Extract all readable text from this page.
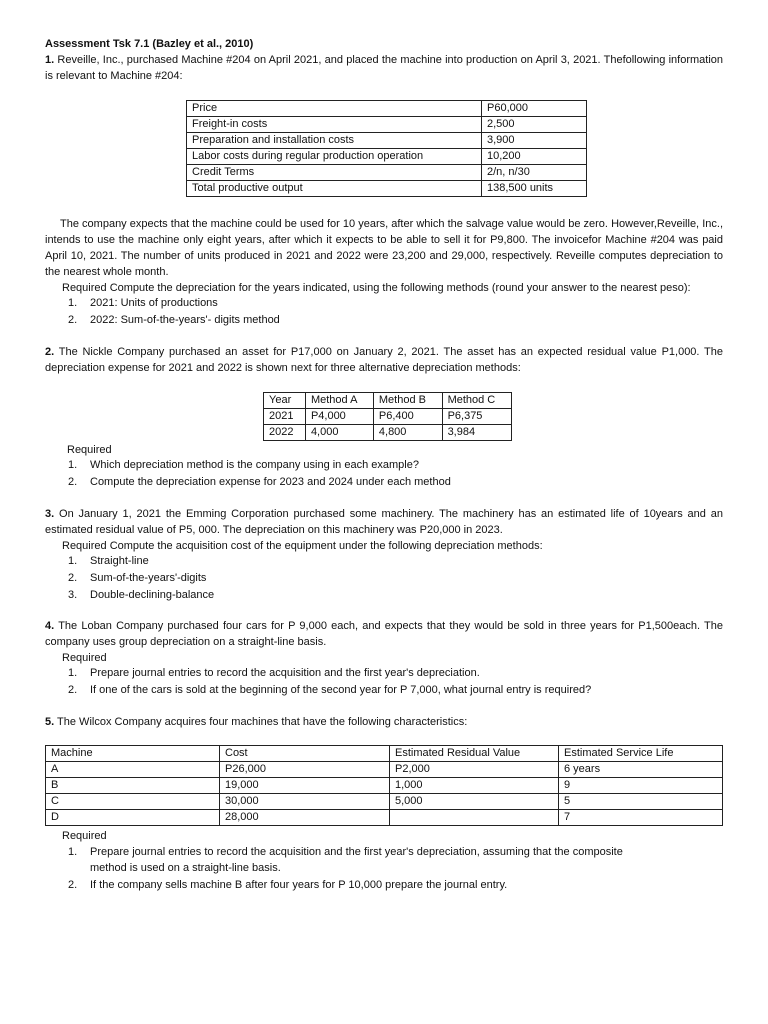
Assessment Tsk 7.1 (Bazley et al., 2010)
1. Reveille, Inc., purchased Machine #204 on April 2021, and placed the machine into production on April 3, 2021. Thefollowing information is relevant to Machine #204:
Price	P60,000
Freight-in costs	2,500
Preparation and installation costs	3,900
Labor costs during regular production operation	10,200
Credit Terms	2/n, n/30
Total productive output	138,500 units
The company expects that the machine could be used for 10 years, after which the salvage value would be zero. However,Reveille, Inc., intends to use the machine only eight years, after which it expects to be able to sell it for P9,800. The invoicefor Machine #204 was paid April 10, 2021. The number of units produced in 2021 and 2022 were 23,200 and 29,000, respectively. Reveille computes depreciation to the nearest whole month.
Required Compute the depreciation for the years indicated, using the following methods (round your answer to the nearest peso):
1. 2021: Units of productions
2. 2022: Sum-of-the-years'- digits method
2. The Nickle Company purchased an asset for P17,000 on January 2, 2021. The asset has an expected residual value P1,000. The depreciation expense for 2021 and 2022 is shown next for three alternative depreciation methods:
Year	Method A	Method B	Method C
2021	P4,000	P6,400	P6,375
2022	4,000	4,800	3,984
Required
1. Which depreciation method is the company using in each example?
2. Compute the depreciation expense for 2023 and 2024 under each method
3. On January 1, 2021 the Emming Corporation purchased some machinery. The machinery has an estimated life of 10years and an estimated residual value of P5, 000. The depreciation on this machinery was P20,000 in 2023.
Required Compute the acquisition cost of the equipment under the following depreciation methods:
1. Straight-line
2. Sum-of-the-years'-digits
3. Double-declining-balance
4. The Loban Company purchased four cars for P 9,000 each, and expects that they would be sold in three years for P1,500each. The company uses group depreciation on a straight-line basis.
Required
1. Prepare journal entries to record the acquisition and the first year's depreciation.
2. If one of the cars is sold at the beginning of the second year for P 7,000, what journal entry is required?
5. The Wilcox Company acquires four machines that have the following characteristics:
Machine	Cost	Estimated Residual Value	Estimated Service Life
A	P26,000	P2,000	6 years
B	19,000	1,000	9
C	30,000	5,000	5
D	28,000		7
Required
1. Prepare journal entries to record the acquisition and the first year's depreciation, assuming that the composite
method is used on a straight-line basis.
2. If the company sells machine B after four years for P 10,000 prepare the journal entry.
